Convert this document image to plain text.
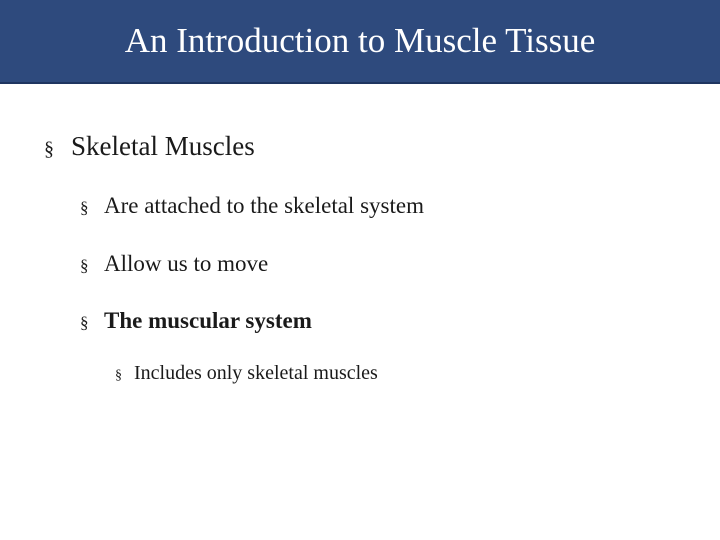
An Introduction to Muscle Tissue
§ Skeletal Muscles
§ Are attached to the skeletal system
§ Allow us to move
§ The muscular system
§ Includes only skeletal muscles
